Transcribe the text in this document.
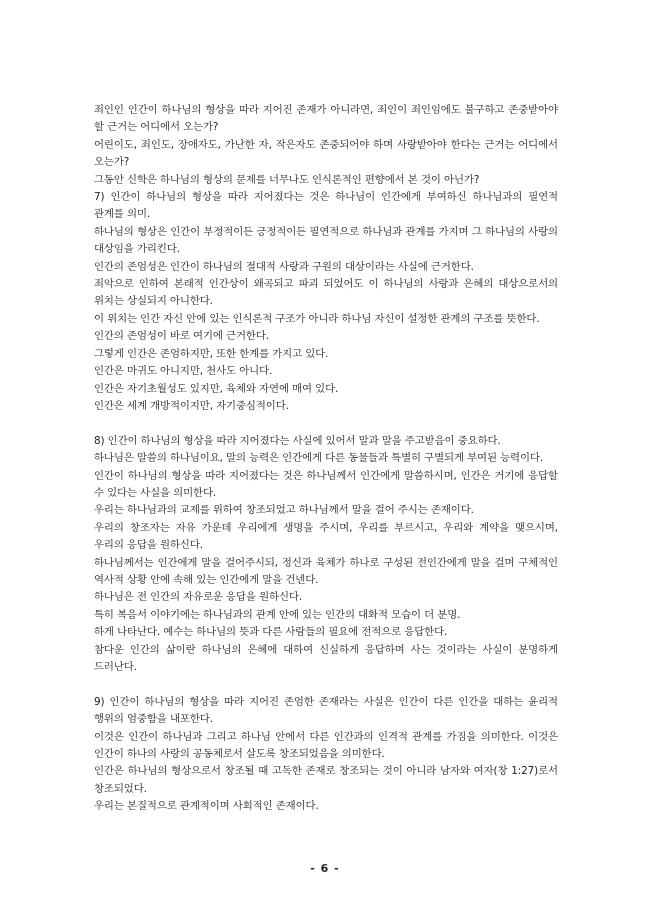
죄인인 인간이 하나님의 형상을 따라 지어진 존재가 아니라면, 죄인이 죄인임에도 불구하고 존중받아야 할 근거는 어디에서 오는가?

어린이도, 죄인도, 장애자도, 가난한 자, 작은자도 존중되어야 하며 사랑받아야 한다는 근거는 어디에서 오는가?

그동안 신학은 하나님의 형상의 문제를 너무나도 인식론적인 편향에서 본 것이 아닌가?

7) 인간이 하나님의 형상을 따라 지어졌다는 것은 하나님이 인간에게 부여하신 하나님과의 필연적 관계를 의미.

하나님의 형상은 인간이 부정적이든 긍정적이든 필연적으로 하나님과 관계를 가지며 그 하나님의 사랑의 대상임을 가리킨다.

인간의 존엄성은 인간이 하나님의 절대적 사랑과 구원의 대상이라는 사실에 근거한다.

죄악으로 인하여 본래적 인간상이 왜곡되고 파괴 되었어도 이 하나님의 사랑과 은혜의 대상으로서의 위치는 상실되지 아니한다.

이 위치는 인간 자신 안에 있는 인식론적 구조가 아니라 하나님 자신이 설정한 관계의 구조를 뜻한다.

인간의 존엄성이 바로 여기에 근거한다.

그렇게 인간은 존엄하지만, 또한 한계를 가지고 있다.

인간은 마귀도 아니지만, 천사도 아니다.

인간은 자기초월성도 있지만, 육체와 자연에 매여 있다.

인간은 세계 개방적이지만, 자기중심적이다.

8) 인간이 하나님의 형상을 따라 지어졌다는 사실에 있어서 말과 말을 주고받음이 중요하다.

하나님은 말씀의 하나님이요, 말의 능력은 인간에게 다른 동물들과 특별히 구별되게 부여된 능력이다.

인간이 하나님의 형상을 따라 지어졌다는 것은 하나님께서 인간에게 말씀하시며, 인간은 거기에 응답할 수 있다는 사실을 의미한다.

우리는 하나님과의 교제를 위하여 창조되었고 하나님께서 말을 걸어 주시는 존재이다.

우리의 창조자는 자유 가운데 우리에게 생명을 주시며, 우리를 부르시고, 우리와 계약을 맺으시며, 우리의 응답을 원하신다.

하나님께서는 인간에게 말을 걸어주시되, 정신과 육체가 하나로 구성된 전인간에게 말을 걸며 구체적인 역사적 상황 안에 속해 있는 인간에게 말을 건넨다.

하나님은 전 인간의 자유로운 응답을 원하신다.

특히 복음서 이야기에는 하나님과의 관계 안에 있는 인간의 대화적 모습이 더 분명.

하게 나타난다. 예수는 하나님의 뜻과 다른 사람들의 필요에 전적으로 응답한다.

참다운 인간의 삶이란 하나님의 은혜에 대하여 신실하게 응답하며 사는 것이라는 사실이 분명하게 드러난다.

9) 인간이 하나님의 형상을 따라 지어진 존엄한 존재라는 사실은 인간이 다른 인간을 대하는 윤리적 행위의 엄중함을 내포한다.

이것은 인간이 하나님과 그리고 하나님 안에서 다른 인간과의 인격적 관계를 가짐을 의미한다. 이것은 인간이 하나의 사랑의 공동체로서 살도록 창조되었음을 의미한다.

인간은 하나님의 형상으로서 창조될 때 고독한 존재로 창조되는 것이 아니라 남자와 여자(창 1:27)로서 창조되었다.

우리는 본질적으로 관계적이며 사회적인 존재이다.

- 6 -
